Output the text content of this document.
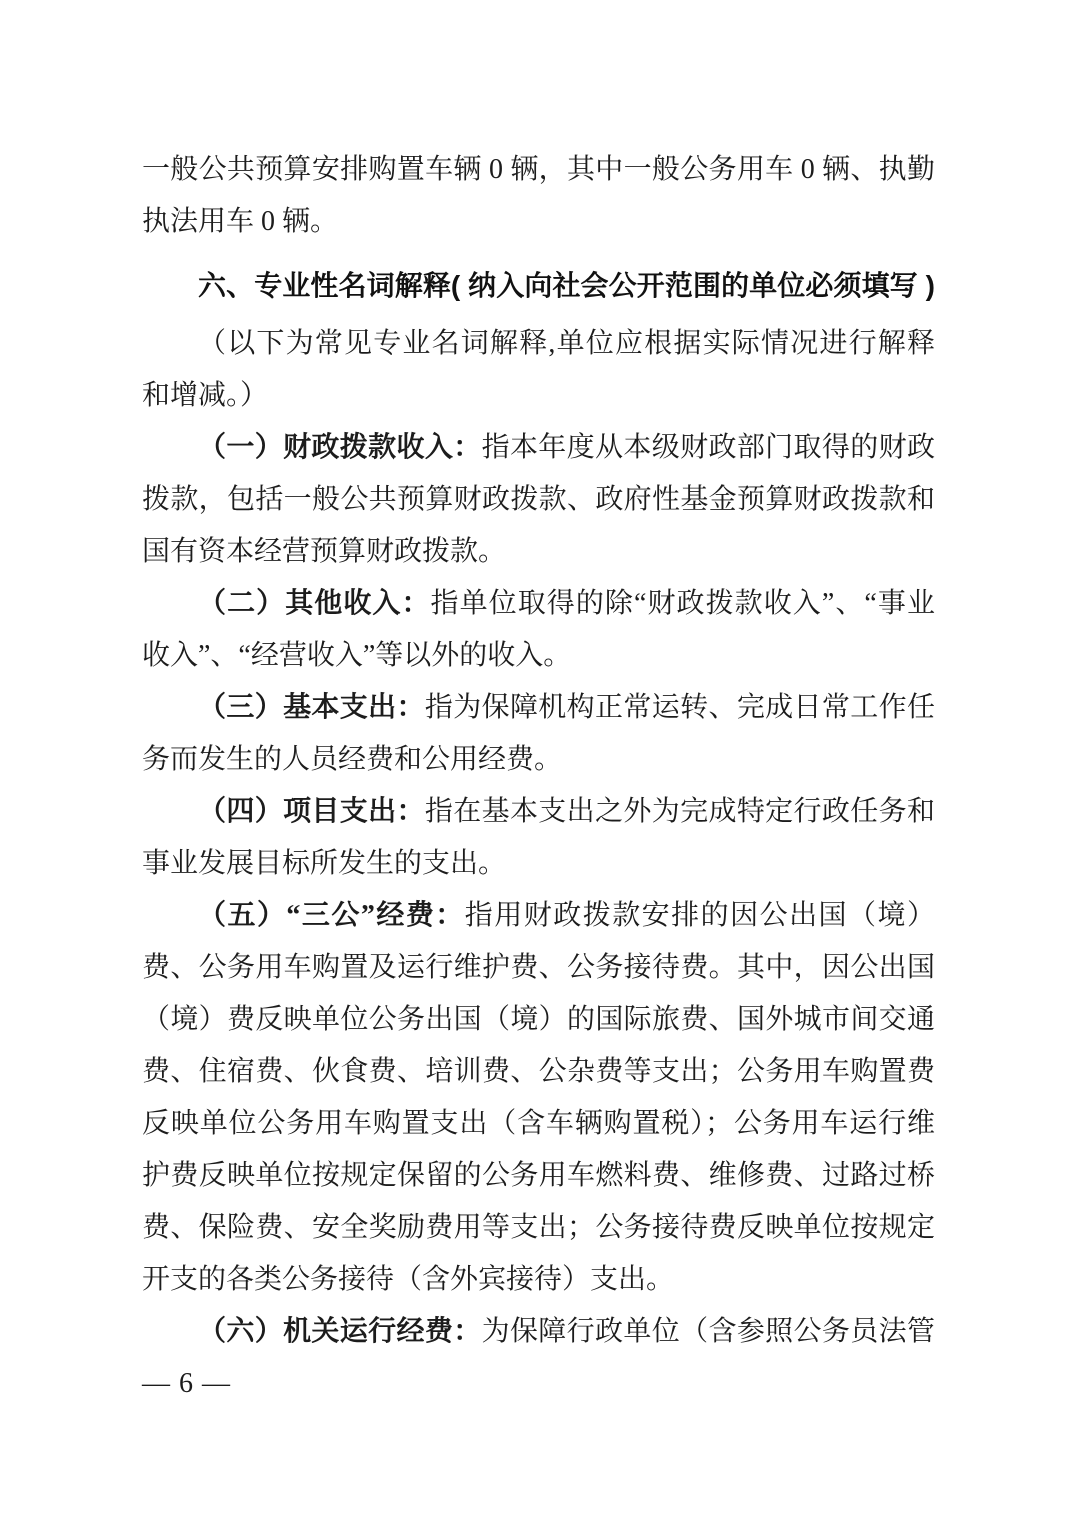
一般公共预算安排购置车辆 0 辆，其中一般公务用车 0 辆、执勤
执法用车 0 辆。
六、专业性名词解释( 纳入向社会公开范围的单位必须填写 )
（以下为常见专业名词解释,单位应根据实际情况进行解释
和增减。）
（一）财政拨款收入：指本年度从本级财政部门取得的财政
拨款，包括一般公共预算财政拨款、政府性基金预算财政拨款和
国有资本经营预算财政拨款。
（二）其他收入：指单位取得的除“财政拨款收入”、“事业
收入”、“经营收入”等以外的收入。
（三）基本支出：指为保障机构正常运转、完成日常工作任
务而发生的人员经费和公用经费。
（四）项目支出：指在基本支出之外为完成特定行政任务和
事业发展目标所发生的支出。
（五）“三公”经费：指用财政拨款安排的因公出国（境）
费、公务用车购置及运行维护费、公务接待费。其中，因公出国
（境）费反映单位公务出国（境）的国际旅费、国外城市间交通
费、住宿费、伙食费、培训费、公杂费等支出；公务用车购置费
反映单位公务用车购置支出（含车辆购置税）；公务用车运行维
护费反映单位按规定保留的公务用车燃料费、维修费、过路过桥
费、保险费、安全奖励费用等支出；公务接待费反映单位按规定
开支的各类公务接待（含外宾接待）支出。
（六）机关运行经费：为保障行政单位（含参照公务员法管
— 6 —
